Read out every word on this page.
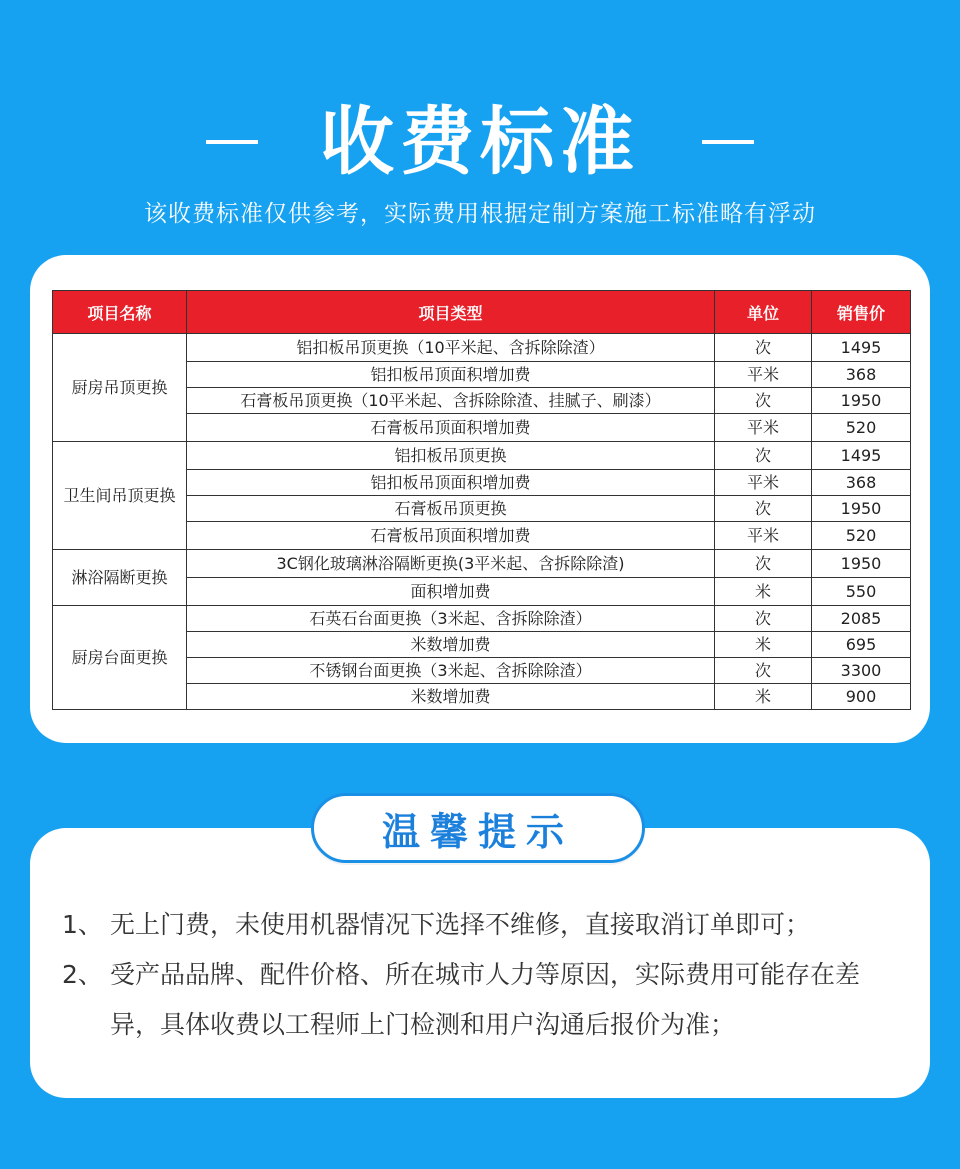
收费标准
该收费标准仅供参考，实际费用根据定制方案施工标准略有浮动
项目名称	项目类型	单位	销售价
厨房吊顶更换	铝扣板吊顶更换（10平米起、含拆除除渣）	次	1495
	铝扣板吊顶面积增加费	平米	368
	石膏板吊顶更换（10平米起、含拆除除渣、挂腻子、刷漆）	次	1950
	石膏板吊顶面积增加费	平米	520
卫生间吊顶更换	铝扣板吊顶更换	次	1495
	铝扣板吊顶面积增加费	平米	368
	石膏板吊顶更换	次	1950
	石膏板吊顶面积增加费	平米	520
淋浴隔断更换	3C钢化玻璃淋浴隔断更换(3平米起、含拆除除渣)	次	1950
	面积增加费	米	550
厨房台面更换	石英石台面更换（3米起、含拆除除渣）	次	2085
	米数增加费	米	695
	不锈钢台面更换（3米起、含拆除除渣）	次	3300
	米数增加费	米	900
温馨提示
1、 无上门费，未使用机器情况下选择不维修，直接取消订单即可；
2、 受产品品牌、配件价格、所在城市人力等原因，实际费用可能存在差异，具体收费以工程师上门检测和用户沟通后报价为准；
